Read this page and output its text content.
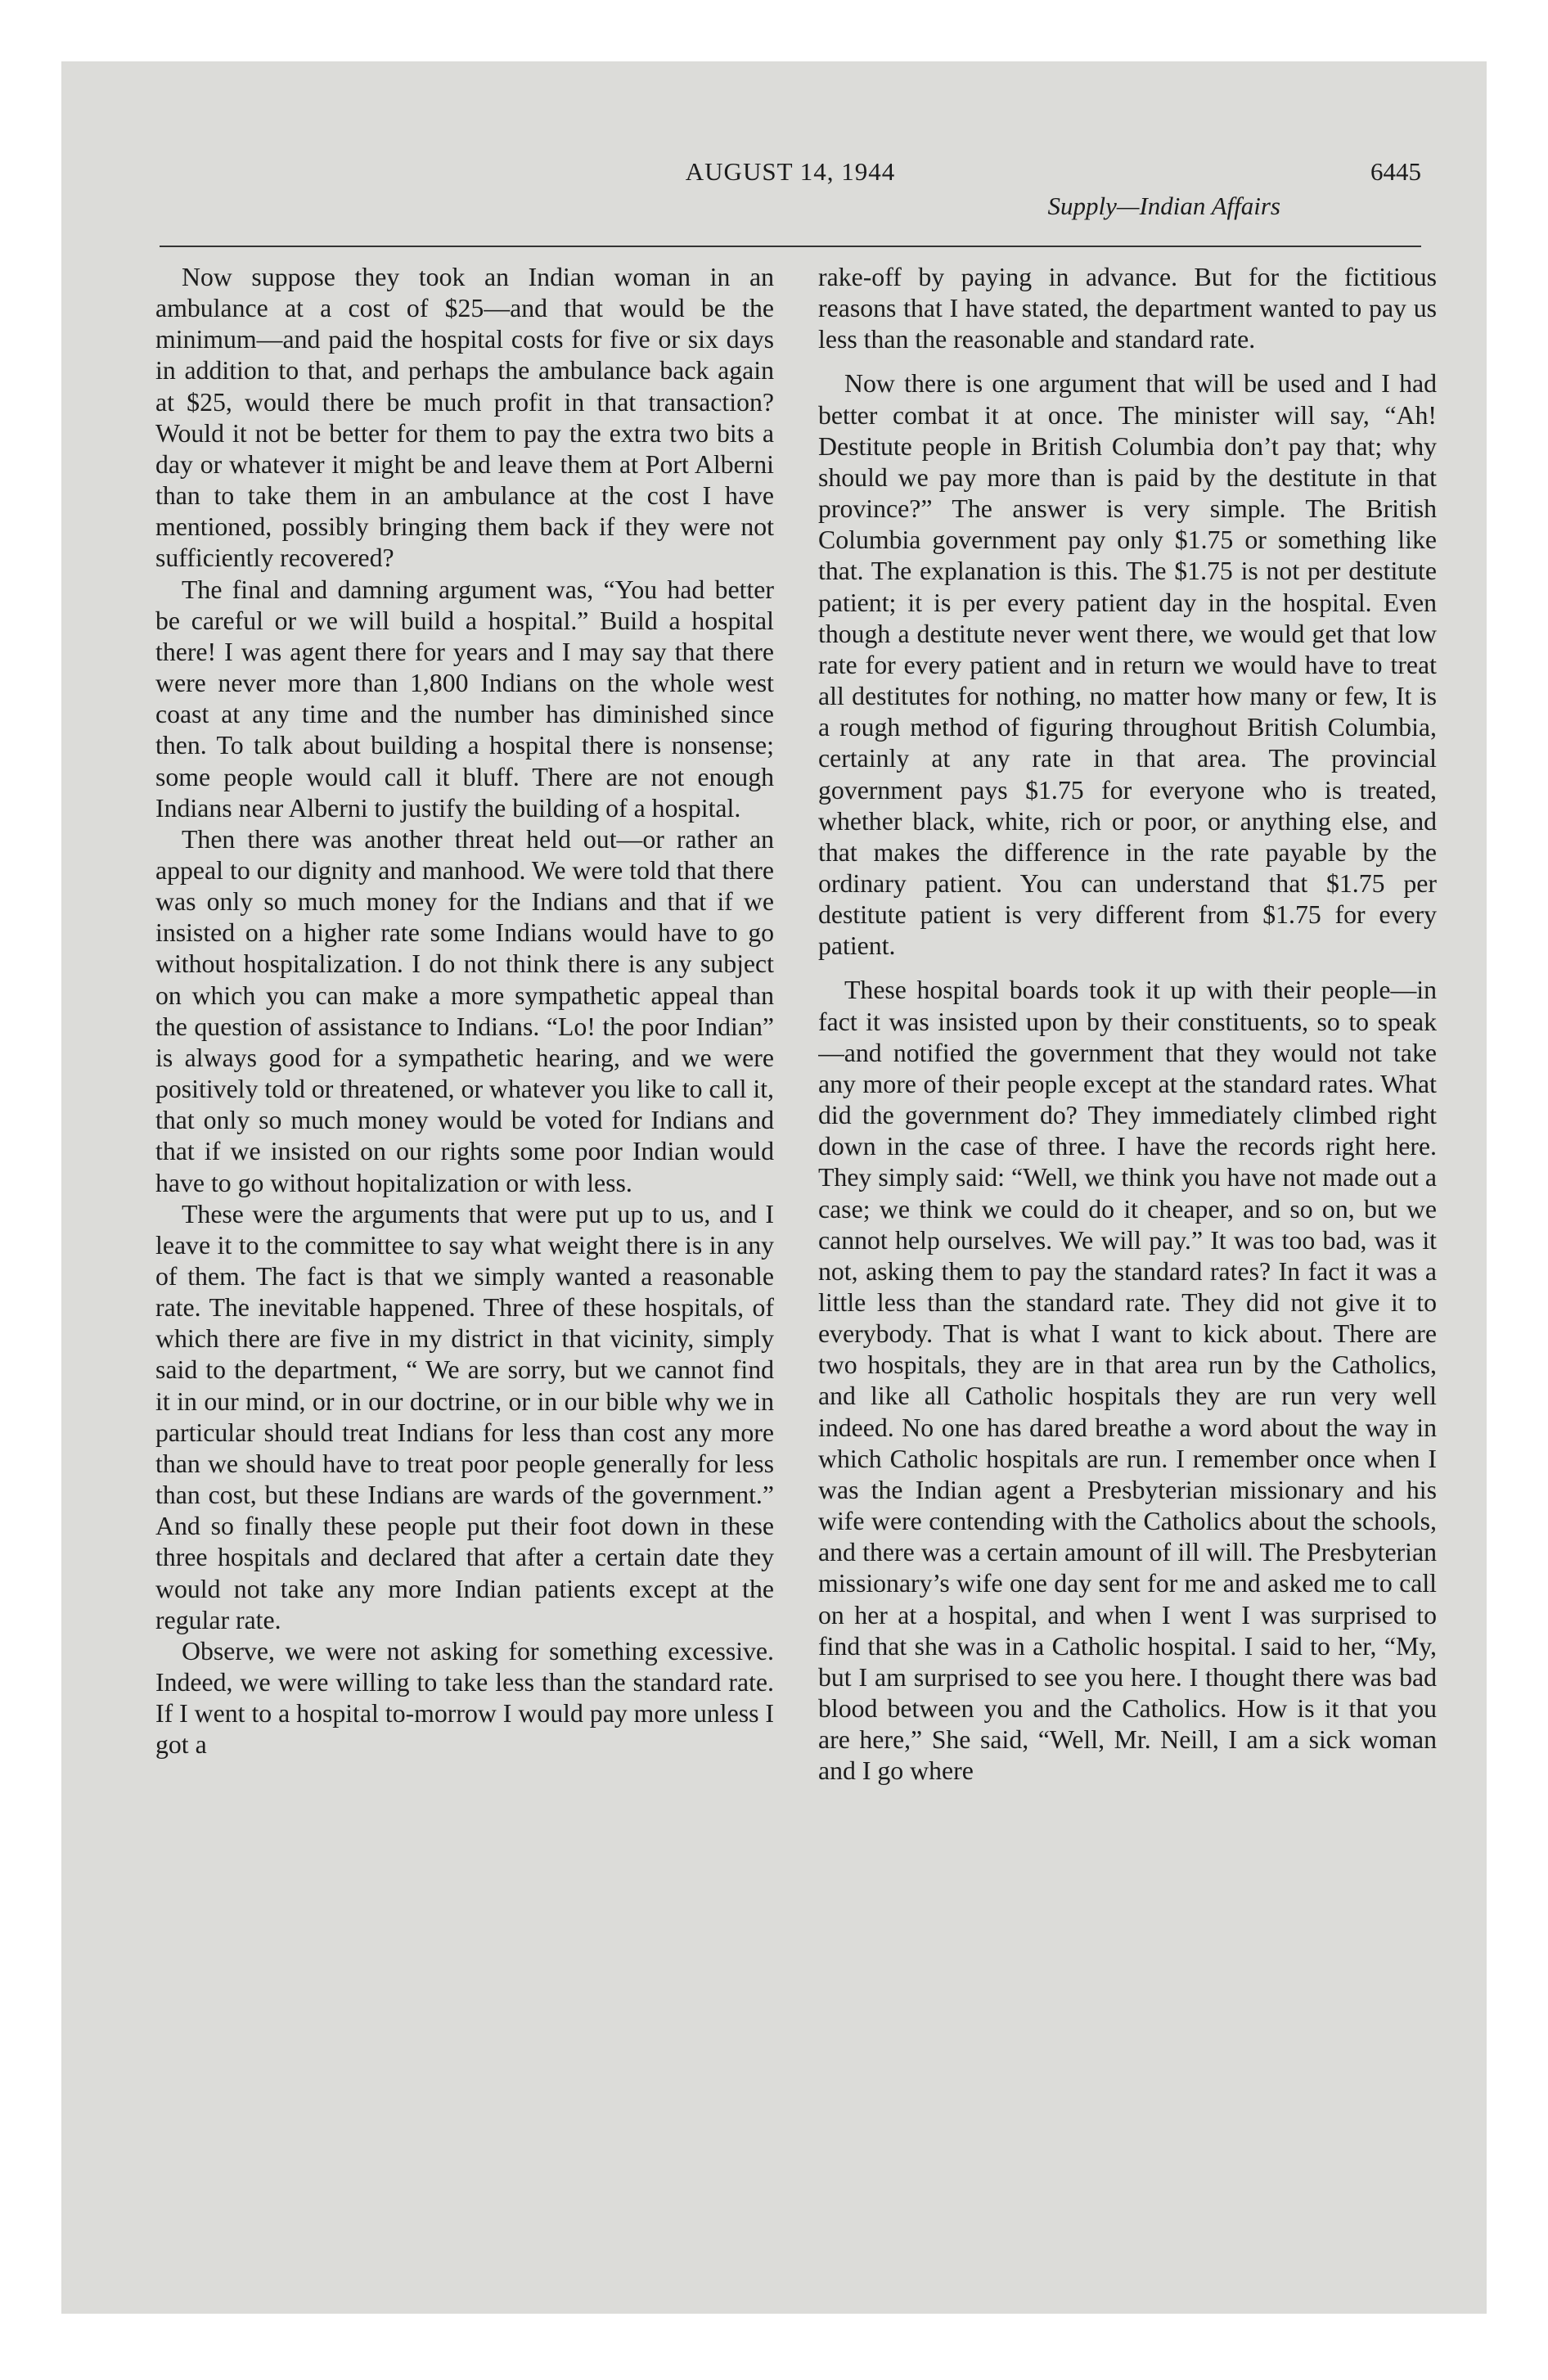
AUGUST 14, 1944	6445
Supply—Indian Affairs

Now suppose they took an Indian woman in an ambulance at a cost of $25—and that would be the minimum—and paid the hospital costs for five or six days in addition to that, and perhaps the ambulance back again at $25, would there be much profit in that transaction? Would it not be better for them to pay the extra two bits a day or whatever it might be and leave them at Port Alberni than to take them in an ambulance at the cost I have mentioned, possibly bringing them back if they were not sufficiently recovered?

The final and damning argument was, “You had better be careful or we will build a hospital.” Build a hospital there! I was agent there for years and I may say that there were never more than 1,800 Indians on the whole west coast at any time and the number has diminished since then. To talk about building a hospital there is nonsense; some people would call it bluff. There are not enough Indians near Alberni to justify the building of a hospital.

Then there was another threat held out—or rather an appeal to our dignity and manhood. We were told that there was only so much money for the Indians and that if we insisted on a higher rate some Indians would have to go without hospitalization. I do not think there is any subject on which you can make a more sympathetic appeal than the question of assistance to Indians. “Lo! the poor Indian” is always good for a sympathetic hearing, and we were positively told or threatened, or whatever you like to call it, that only so much money would be voted for Indians and that if we insisted on our rights some poor Indian would have to go without hopitalization or with less.

These were the arguments that were put up to us, and I leave it to the committee to say what weight there is in any of them. The fact is that we simply wanted a reasonable rate. The inevitable happened. Three of these hospitals, of which there are five in my district in that vicinity, simply said to the department, “ We are sorry, but we cannot find it in our mind, or in our doctrine, or in our bible why we in particular should treat Indians for less than cost any more than we should have to treat poor people generally for less than cost, but these Indians are wards of the government.” And so finally these people put their foot down in these three hospitals and declared that after a certain date they would not take any more Indian patients except at the regular rate.

Observe, we were not asking for something excessive. Indeed, we were willing to take less than the standard rate. If I went to a hospital to-morrow I would pay more unless I got a

rake-off by paying in advance. But for the fictitious reasons that I have stated, the department wanted to pay us less than the reasonable and standard rate.

Now there is one argument that will be used and I had better combat it at once. The minister will say, “Ah! Destitute people in British Columbia don’t pay that; why should we pay more than is paid by the destitute in that province?” The answer is very simple. The British Columbia government pay only $1.75 or something like that. The explanation is this. The $1.75 is not per destitute patient; it is per every patient day in the hospital. Even though a destitute never went there, we would get that low rate for every patient and in return we would have to treat all destitutes for nothing, no matter how many or few, It is a rough method of figuring throughout British Columbia, certainly at any rate in that area. The provincial government pays $1.75 for everyone who is treated, whether black, white, rich or poor, or anything else, and that makes the difference in the rate payable by the ordinary patient. You can understand that $1.75 per destitute patient is very different from $1.75 for every patient.

These hospital boards took it up with their people—in fact it was insisted upon by their constituents, so to speak—and notified the government that they would not take any more of their people except at the standard rates. What did the government do? They immediately climbed right down in the case of three. I have the records right here. They simply said: “Well, we think you have not made out a case; we think we could do it cheaper, and so on, but we cannot help ourselves. We will pay.” It was too bad, was it not, asking them to pay the standard rates? In fact it was a little less than the standard rate. They did not give it to everybody. That is what I want to kick about. There are two hospitals, they are in that area run by the Catholics, and like all Catholic hospitals they are run very well indeed. No one has dared breathe a word about the way in which Catholic hospitals are run. I remember once when I was the Indian agent a Presbyterian missionary and his wife were contending with the Catholics about the schools, and there was a certain amount of ill will. The Presbyterian missionary’s wife one day sent for me and asked me to call on her at a hospital, and when I went I was surprised to find that she was in a Catholic hospital. I said to her, “My, but I am surprised to see you here. I thought there was bad blood between you and the Catholics. How is it that you are here,” She said, “Well, Mr. Neill, I am a sick woman and I go where
